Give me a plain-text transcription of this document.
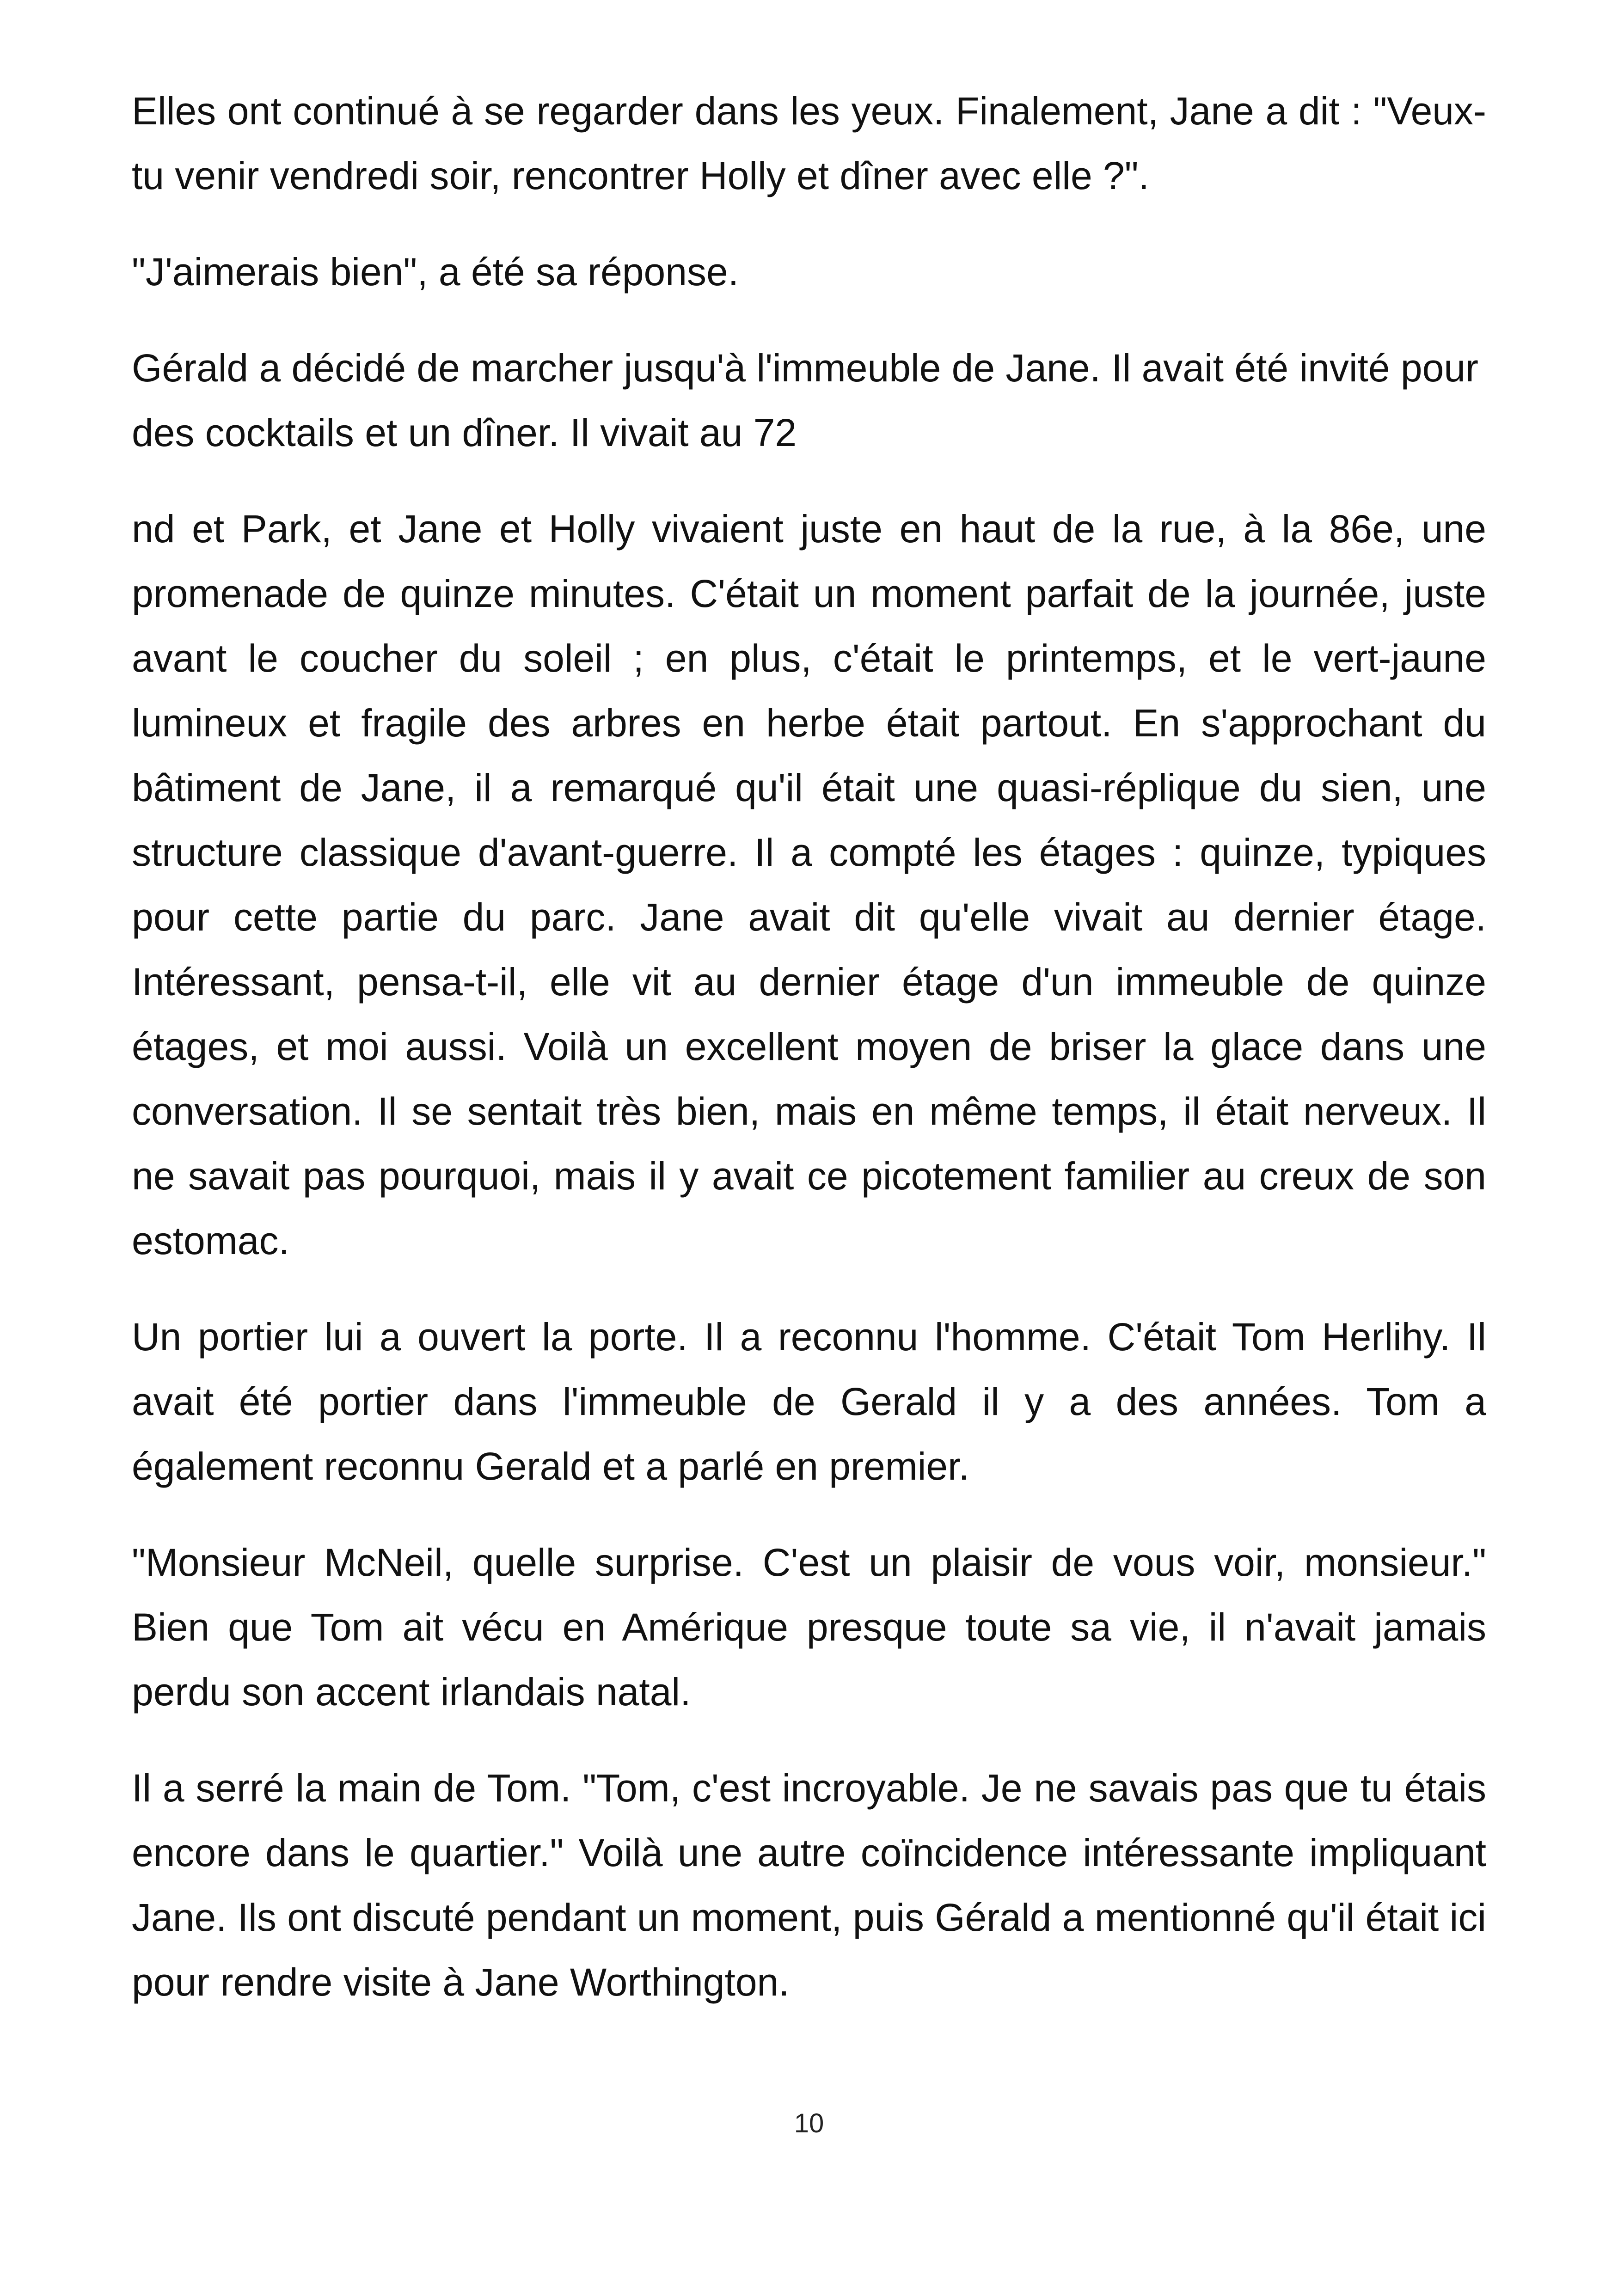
Elles ont continué à se regarder dans les yeux. Finalement, Jane a dit : "Veux-tu venir vendredi soir, rencontrer Holly et dîner avec elle ?".

"J'aimerais bien", a été sa réponse.

Gérald a décidé de marcher jusqu'à l'immeuble de Jane. Il avait été invité pour des cocktails et un dîner. Il vivait au 72

nd et Park, et Jane et Holly vivaient juste en haut de la rue, à la 86e, une promenade de quinze minutes. C'était un moment parfait de la journée, juste avant le coucher du soleil ; en plus, c'était le printemps, et le vert-jaune lumineux et fragile des arbres en herbe était partout. En s'approchant du bâtiment de Jane, il a remarqué qu'il était une quasi-réplique du sien, une structure classique d'avant-guerre. Il a compté les étages : quinze, typiques pour cette partie du parc. Jane avait dit qu'elle vivait au dernier étage. Intéressant, pensa-t-il, elle vit au dernier étage d'un immeuble de quinze étages, et moi aussi. Voilà un excellent moyen de briser la glace dans une conversation. Il se sentait très bien, mais en même temps, il était nerveux. Il ne savait pas pourquoi, mais il y avait ce picotement familier au creux de son estomac.

Un portier lui a ouvert la porte. Il a reconnu l'homme. C'était Tom Herlihy. Il avait été portier dans l'immeuble de Gerald il y a des années. Tom a également reconnu Gerald et a parlé en premier.

"Monsieur McNeil, quelle surprise. C'est un plaisir de vous voir, monsieur." Bien que Tom ait vécu en Amérique presque toute sa vie, il n'avait jamais perdu son accent irlandais natal.

Il a serré la main de Tom. "Tom, c'est incroyable. Je ne savais pas que tu étais encore dans le quartier." Voilà une autre coïncidence intéressante impliquant Jane. Ils ont discuté pendant un moment, puis Gérald a mentionné qu'il était ici pour rendre visite à Jane Worthington.

10
